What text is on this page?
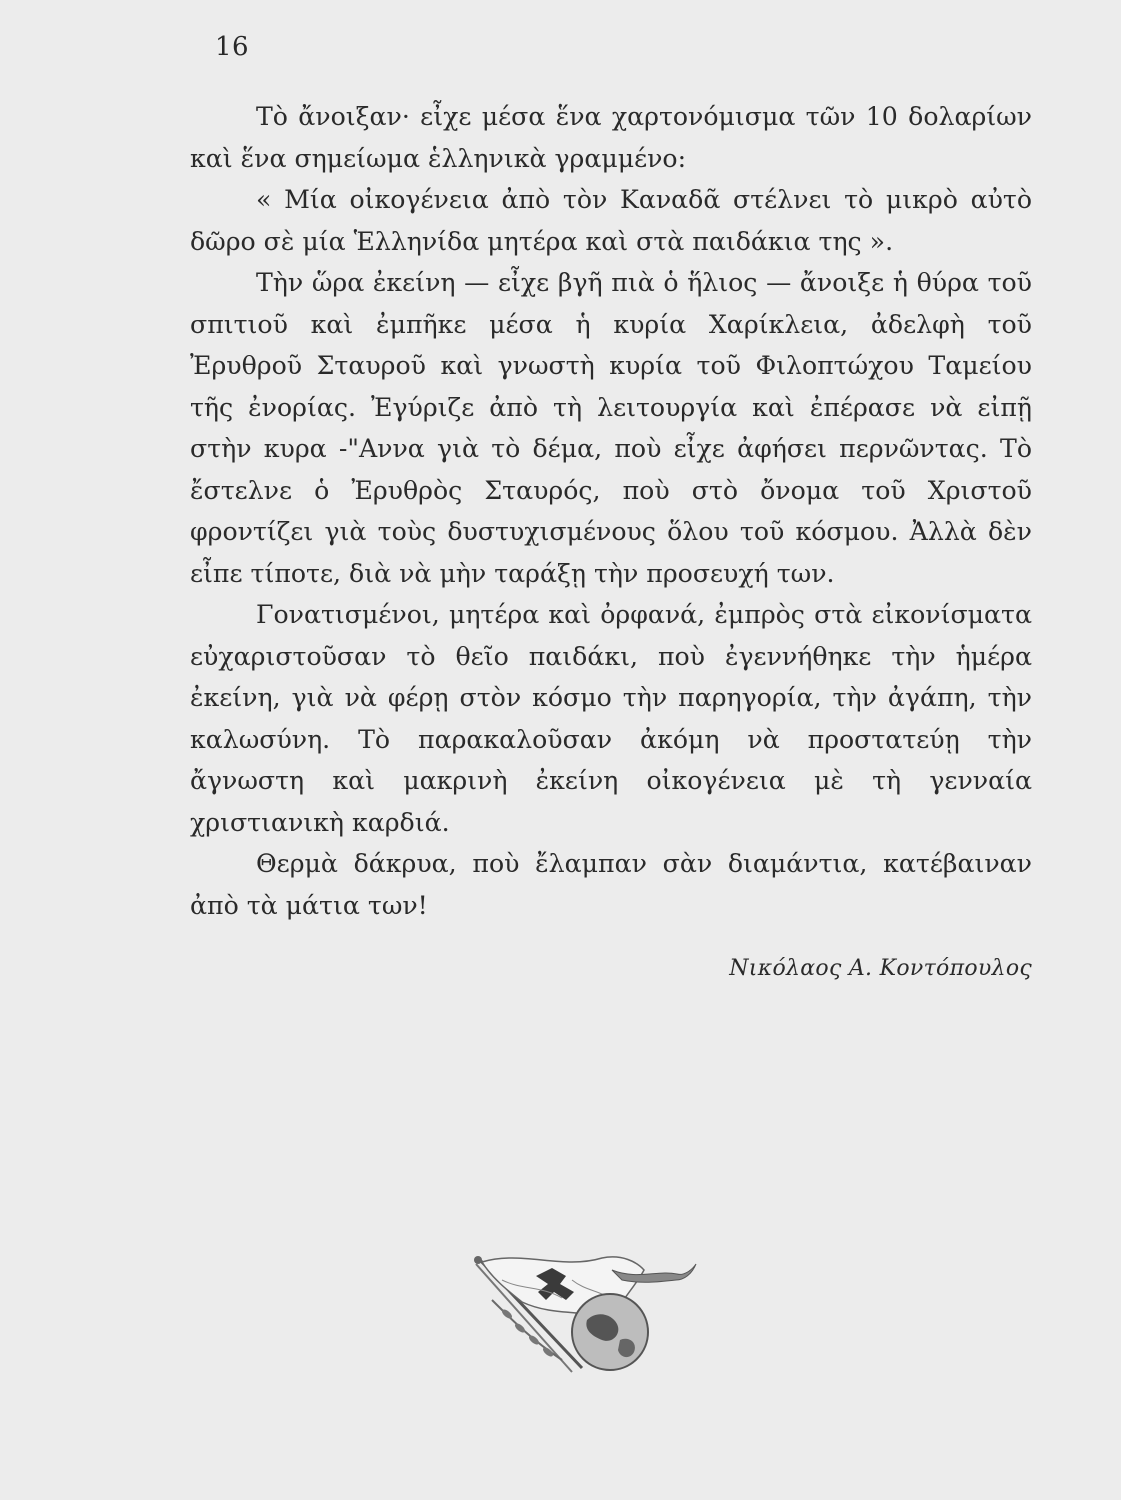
16

Τὸ ἄνοιξαν· εἶχε μέσα ἕνα χαρτονόμισμα τῶν 10 δολαρίων καὶ ἕνα σημείωμα ἑλληνικὰ γραμμένο:

« Μία οἰκογένεια ἀπὸ τὸν Καναδᾶ στέλνει τὸ μικρὸ αὐτὸ δῶρο σὲ μία Ἑλληνίδα μητέρα καὶ στὰ παιδάκια της ».

Τὴν ὥρα ἐκείνη — εἶχε βγῆ πιὰ ὁ ἥλιος — ἄνοιξε ἡ θύρα τοῦ σπιτιοῦ καὶ ἐμπῆκε μέσα ἡ κυρία Χαρίκλεια, ἀδελφὴ τοῦ Ἐρυθροῦ Σταυροῦ καὶ γνωστὴ κυρία τοῦ Φιλοπτώχου Ταμείου τῆς ἐνορίας. Ἐγύριζε ἀπὸ τὴ λειτουργία καὶ ἐπέρασε νὰ εἰπῇ στὴν κυρα -"Αννα γιὰ τὸ δέμα, ποὺ εἶχε ἀφήσει περνῶντας. Τὸ ἔστελνε ὁ Ἐρυθρὸς Σταυρός, ποὺ στὸ ὄνομα τοῦ Χριστοῦ φροντίζει γιὰ τοὺς δυστυχισμένους ὅλου τοῦ κόσμου. Ἀλλὰ δὲν εἶπε τίποτε, διὰ νὰ μὴν ταράξῃ τὴν προσευχή των.

Γονατισμένοι, μητέρα καὶ ὀρφανά, ἐμπρὸς στὰ εἰκονίσματα εὐχαριστοῦσαν τὸ θεῖο παιδάκι, ποὺ ἐγεννήθηκε τὴν ἡμέρα ἐκείνη, γιὰ νὰ φέρῃ στὸν κόσμο τὴν παρηγορία, τὴν ἀγάπη, τὴν καλωσύνη. Τὸ παρακαλοῦσαν ἀκόμη νὰ προστατεύῃ τὴν ἄγνωστη καὶ μακρινὴ ἐκείνη οἰκογένεια μὲ τὴ γενναία χριστιανικὴ καρδιά.

Θερμὰ δάκρυα, ποὺ ἔλαμπαν σὰν διαμάντια, κατέβαιναν ἀπὸ τὰ μάτια των!

Νικόλαος Α. Κοντόπουλος
